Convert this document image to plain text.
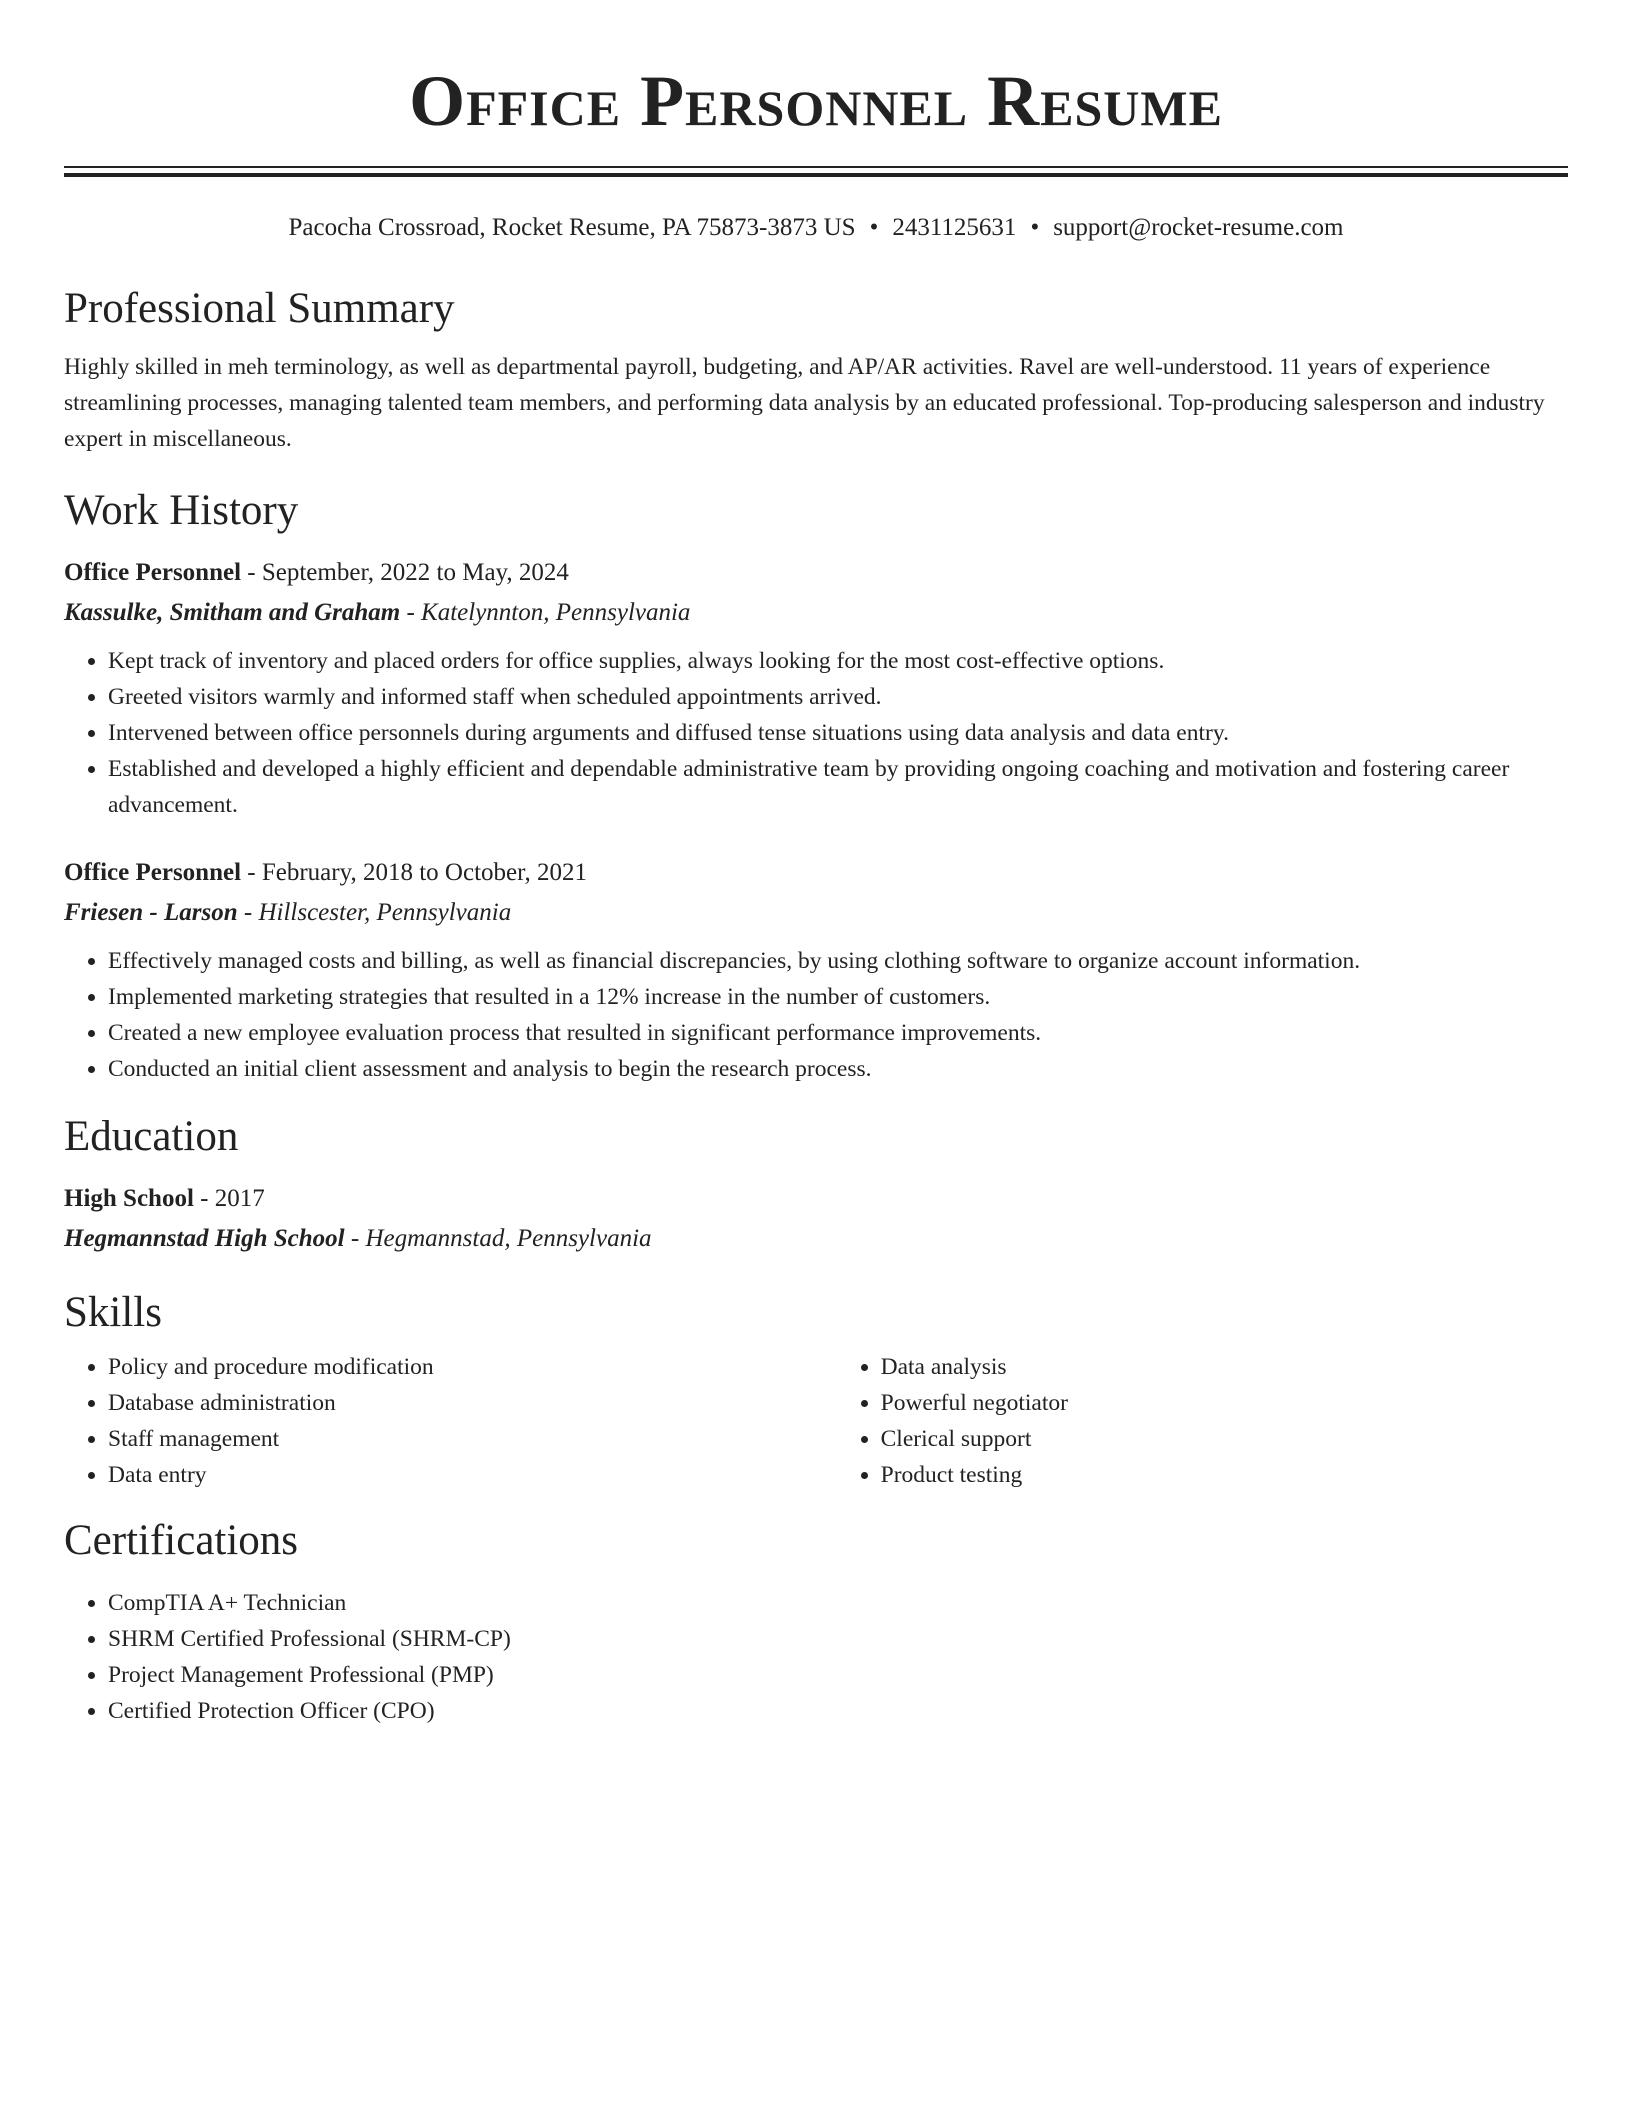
Office Personnel Resume
Pacocha Crossroad, Rocket Resume, PA 75873-3873 US • 2431125631 • support@rocket-resume.com
Professional Summary
Highly skilled in meh terminology, as well as departmental payroll, budgeting, and AP/AR activities. Ravel are well-understood. 11 years of experience streamlining processes, managing talented team members, and performing data analysis by an educated professional. Top-producing salesperson and industry expert in miscellaneous.
Work History
Office Personnel - September, 2022 to May, 2024
Kassulke, Smitham and Graham - Katelynnton, Pennsylvania
• Kept track of inventory and placed orders for office supplies, always looking for the most cost-effective options.
• Greeted visitors warmly and informed staff when scheduled appointments arrived.
• Intervened between office personnels during arguments and diffused tense situations using data analysis and data entry.
• Established and developed a highly efficient and dependable administrative team by providing ongoing coaching and motivation and fostering career advancement.
Office Personnel - February, 2018 to October, 2021
Friesen - Larson - Hillscester, Pennsylvania
• Effectively managed costs and billing, as well as financial discrepancies, by using clothing software to organize account information.
• Implemented marketing strategies that resulted in a 12% increase in the number of customers.
• Created a new employee evaluation process that resulted in significant performance improvements.
• Conducted an initial client assessment and analysis to begin the research process.
Education
High School - 2017
Hegmannstad High School - Hegmannstad, Pennsylvania
Skills
• Policy and procedure modification
• Database administration
• Staff management
• Data entry
• Data analysis
• Powerful negotiator
• Clerical support
• Product testing
Certifications
• CompTIA A+ Technician
• SHRM Certified Professional (SHRM-CP)
• Project Management Professional (PMP)
• Certified Protection Officer (CPO)
